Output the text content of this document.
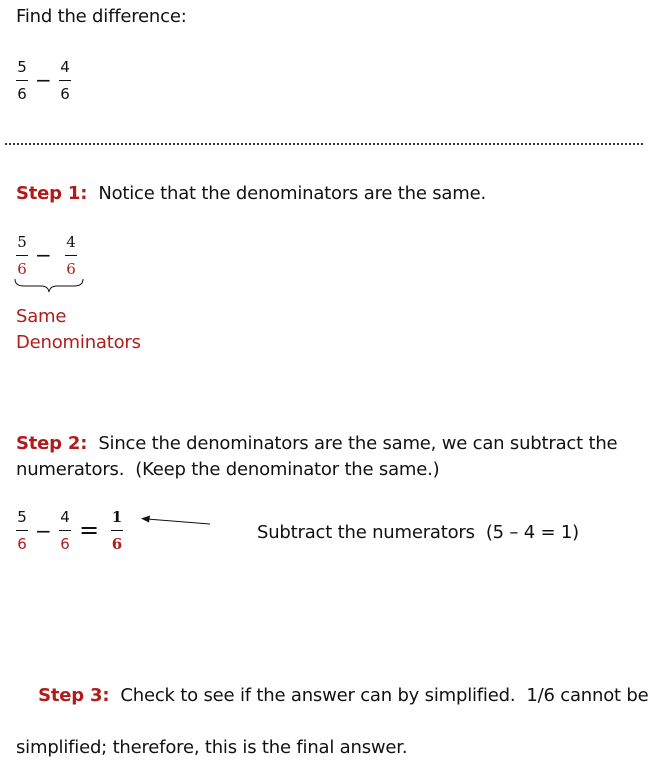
Find the difference:
5
6
−
4
6
Step 1: Notice that the denominators are the same.
5
6
−
4
6
Same
Denominators
Step 2: Since the denominators are the same, we can subtract the
numerators.  (Keep the denominator the same.)
5
6
−
4
6 = 1
6
Subtract the numerators  (5 – 4 = 1)

Step 3: Check to see if the answer can by simplified.  1/6 cannot be

simplified; therefore, this is the final answer.
